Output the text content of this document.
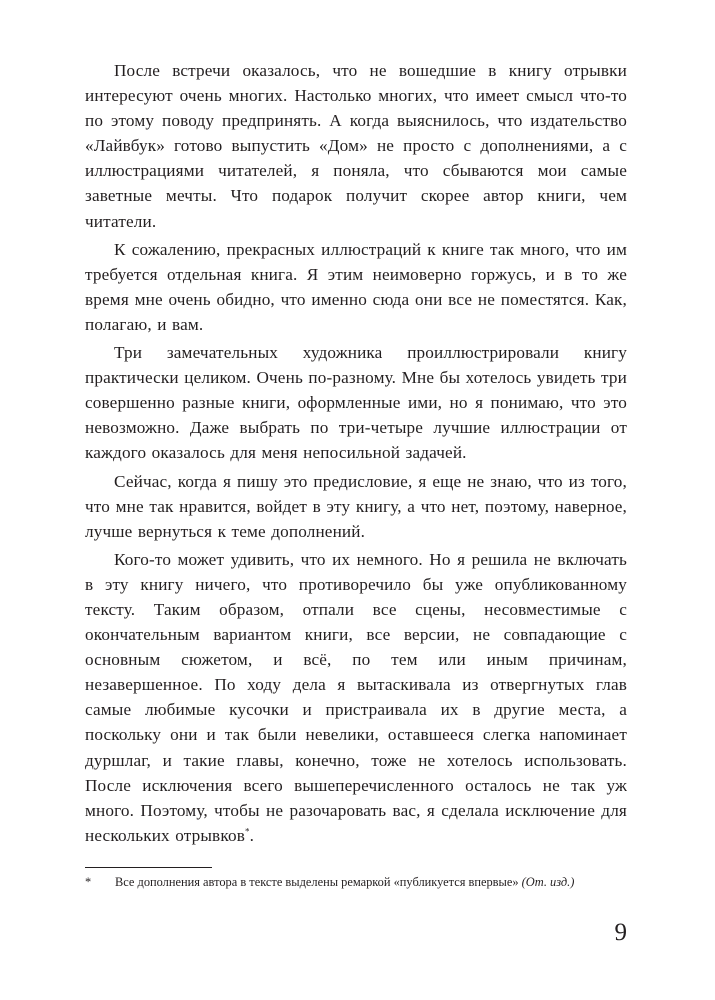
После встречи оказалось, что не вошедшие в книгу отрывки интересуют очень многих. Настолько многих, что имеет смысл что-то по этому поводу предпринять. А когда выяснилось, что издательство «Лайвбук» готово выпустить «Дом» не просто с дополнениями, а с иллюстрациями читателей, я поняла, что сбываются мои самые заветные мечты. Что подарок получит скорее автор книги, чем читатели.

К сожалению, прекрасных иллюстраций к книге так много, что им требуется отдельная книга. Я этим неимоверно горжусь, и в то же время мне очень обидно, что именно сюда они все не поместятся. Как, полагаю, и вам.

Три замечательных художника проиллюстрировали книгу практически целиком. Очень по-разному. Мне бы хотелось увидеть три совершенно разные книги, оформленные ими, но я понимаю, что это невозможно. Даже выбрать по три-четыре лучшие иллюстрации от каждого оказалось для меня непосильной задачей.

Сейчас, когда я пишу это предисловие, я еще не знаю, что из того, что мне так нравится, войдет в эту книгу, а что нет, поэтому, наверное, лучше вернуться к теме дополнений.

Кого-то может удивить, что их немного. Но я решила не включать в эту книгу ничего, что противоречило бы уже опубликованному тексту. Таким образом, отпали все сцены, несовместимые с окончательным вариантом книги, все версии, не совпадающие с основным сюжетом, и всё, по тем или иным причинам, незавершенное. По ходу дела я вытаскивала из отвергнутых глав самые любимые кусочки и пристраивала их в другие места, а поскольку они и так были невелики, оставшееся слегка напоминает дуршлаг, и такие главы, конечно, тоже не хотелось использовать. После исключения всего вышеперечисленного осталось не так уж много. Поэтому, чтобы не разочаровать вас, я сделала исключение для нескольких отрывков*.

* Все дополнения автора в тексте выделены ремаркой «публикуется впервые» (От. изд.)
9
